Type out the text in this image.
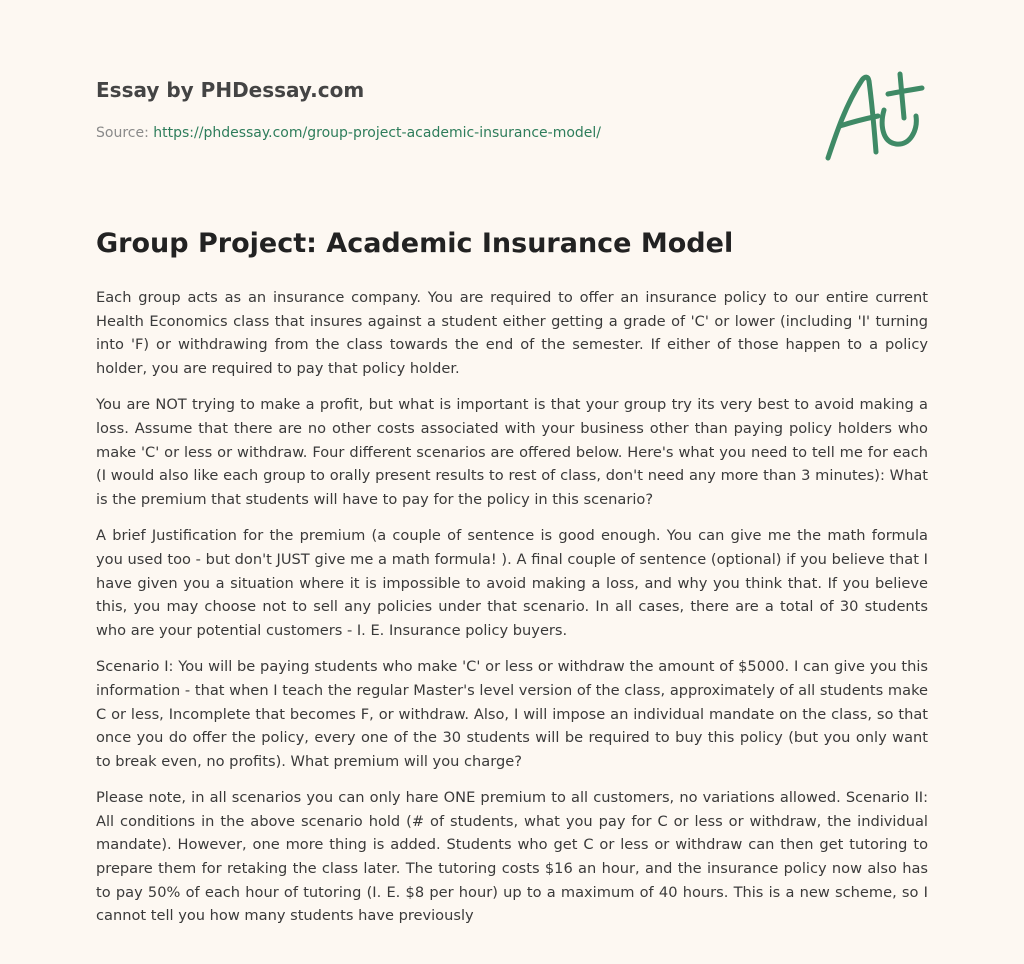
Essay by PHDessay.com
Source: https://phdessay.com/group-project-academic-insurance-model/
Group Project: Academic Insurance Model

Each group acts as an insurance company. You are required to offer an insurance policy to our entire current Health Economics class that insures against a student either getting a grade of 'C' or lower (including 'I' turning into 'F) or withdrawing from the class towards the end of the semester. If either of those happen to a policy holder, you are required to pay that policy holder.

You are NOT trying to make a profit, but what is important is that your group try its very best to avoid making a loss. Assume that there are no other costs associated with your business other than paying policy holders who make 'C' or less or withdraw. Four different scenarios are offered below. Here's what you need to tell me for each (I would also like each group to orally present results to rest of class, don't need any more than 3 minutes): What is the premium that students will have to pay for the policy in this scenario?

A brief Justification for the premium (a couple of sentence is good enough. You can give me the math formula you used too - but don't JUST give me a math formula! ). A final couple of sentence (optional) if you believe that I have given you a situation where it is impossible to avoid making a loss, and why you think that. If you believe this, you may choose not to sell any policies under that scenario. In all cases, there are a total of 30 students who are your potential customers - I. E. Insurance policy buyers.

Scenario I: You will be paying students who make 'C' or less or withdraw the amount of $5000. I can give you this information - that when I teach the regular Master's level version of the class, approximately of all students make C or less, Incomplete that becomes F, or withdraw. Also, I will impose an individual mandate on the class, so that once you do offer the policy, every one of the 30 students will be required to buy this policy (but you only want to break even, no profits). What premium will you charge?

Please note, in all scenarios you can only hare ONE premium to all customers, no variations allowed. Scenario II: All conditions in the above scenario hold (# of students, what you pay for C or less or withdraw, the individual mandate). However, one more thing is added. Students who get C or less or withdraw can then get tutoring to prepare them for retaking the class later. The tutoring costs $16 an hour, and the insurance policy now also has to pay 50% of each hour of tutoring (I. E. $8 per hour) up to a maximum of 40 hours. This is a new scheme, so I cannot tell you how many students have previously
